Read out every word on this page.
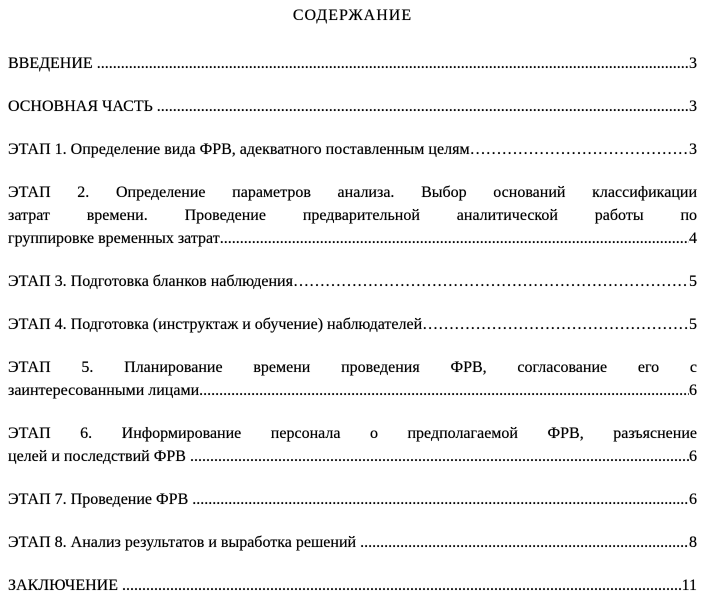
СОДЕРЖАНИЕ
ВВЕДЕНИЕ .....	3
ОСНОВНАЯ ЧАСТЬ .....	3
ЭТАП 1. Определение вида ФРВ, адекватного поставленным целям …………………………………………………………………………………………………………………………………………	3
ЭТАП 2. Определение параметров анализа. Выбор оснований классификации
затрат времени. Проведение предварительной аналитической работы по
группировке временных затрат .....	4
ЭТАП 3. Подготовка бланков наблюдения …………………………………………………………………………………………………………………………………………	5
ЭТАП 4. Подготовка (инструктаж и обучение) наблюдателей …………………………………………………………………………………………………………………………………………	5
ЭТАП 5. Планирование времени проведения ФРВ, согласование его с
заинтересованными лицами .....	6
ЭТАП 6. Информирование персонала о предполагаемой ФРВ, разъяснение
целей и последствий ФРВ .....	6
ЭТАП 7. Проведение ФРВ .....	6
ЭТАП 8. Анализ результатов и выработка решений .....	8
ЗАКЛЮЧЕНИЕ .....	11
